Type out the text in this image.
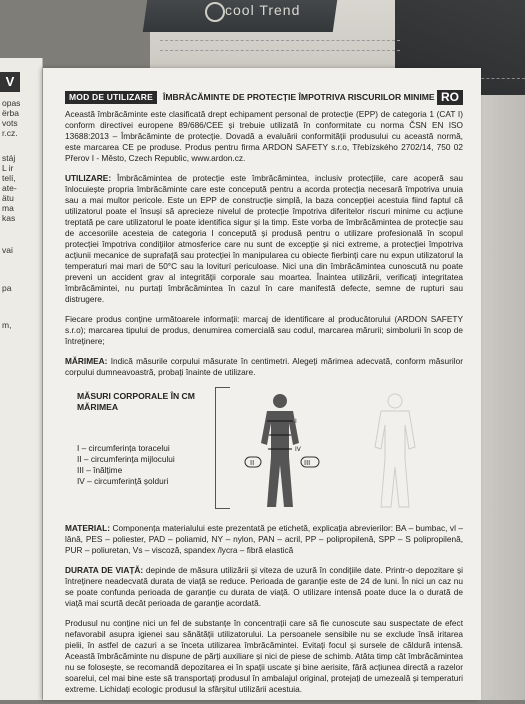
cool Trend
V
opas
ërba
vots
r.cz.
stáj
L ir
telí,
ate-
ätu
ma
kas
vai
pa
m,
MOD DE UTILIZARE	ÎMBRĂCĂMINTE DE PROTECȚIE ÎMPOTRIVA RISCURILOR MINIME RO

Această îmbrăcăminte este clasificată drept echipament personal de protecție (EPP) de categoria 1 (CAT I) conform directivei europene 89/686/CEE și trebuie utilizată în conformitate cu norma ČSN EN ISO 13688:2013 – Îmbrăcăminte de protecție. Dovadă a evaluării conformității produsului cu această normă, este marcarea CE pe produse. Produs pentru firma ARDON SAFETY s.r.o, Třebízského 2702/14, 750 02 Přerov I - Město, Czech Republic, www.ardon.cz.

UTILIZARE: Îmbrăcămintea de protecție este îmbrăcămintea, inclusiv protecțiile, care acoperă sau înlocuiește propria îmbrăcăminte care este concepută pentru a acorda protecția necesară împotriva unuia sau a mai multor pericole. Este un EPP de construcție simplă, la baza concepției acestuia fiind faptul că utilizatorul poate el însuși să aprecieze nivelul de protecție împotriva diferitelor riscuri minime cu acțiune treptată pe care utilizatorul le poate identifica sigur și la timp. Este vorba de îmbrăcămintea de protecție sau de accesoriile acesteia de categoria I concepută și produsă pentru o utilizare profesională în scopul protecției împotriva condițiilor atmosferice care nu sunt de excepție și nici extreme, a protecției împotriva acțiunii mecanice de suprafață sau protecției în manipularea cu obiecte fierbinți care nu expun utilizatorul la temperaturi mai mari de 50°C sau la loviturí periculoase. Nici una din îmbrăcămintea cunoscută nu poate preveni un accident grav al integrității corporale sau moartea. Înaintea utilizării, verificați integritatea îmbrăcămintei, nu purtați îmbrăcămintea în cazul în care manifestă defecte, semne de rupturi sau distrugere.

Fiecare produs conține următoarele informații: marcaj de identificare al producătorului (ARDON SAFETY s.r.o); marcarea tipului de produs, denumirea comercială sau codul, marcarea mărurii; simbolurii în scop de întreținere;

MĂRIMEA: Indică măsurile corpului măsurate în centimetri. Alegeți mărimea adecvată, conform măsurilor corpului dumneavoastră, probați înainte de utilizare.

MĂSURI CORPORALE ÎN CM MĂRIMEA
I – circumferința toracelui
II – circumferința mijlocului
III – înălțime
IV – circumferință șolduri
II	III
I
IV

MATERIAL: Componența materialului este prezentată pe etichetă, explicația abrevierilor: BA – bumbac, vl – lână, PES – poliester, PAD – poliamid, NY – nylon, PAN – acril, PP – polipropilenă, SPP – S polipropilenă, PUR – poliuretan, Vs – viscoză, spandex /lycra – fibră elastică

DURATA DE VIAȚĂ: depinde de măsura utilizării și viteza de uzură în condițiile date. Printr-o depozitare și întreținere neadecvată durata de viață se reduce. Perioada de garanție este de 24 de luni. În nici un caz nu se poate confunda perioada de garanție cu durata de viață. O utilizare intensă poate duce la o durată de viață mai scurtă decât perioada de garanție acordată.

Produsul nu conține nici un fel de substanțe în concentrații care să fie cunoscute sau suspectate de efect nefavorabil asupra igienei sau sănătății utilizatorului. La persoanele sensibile nu se exclude însă iritarea pielii, în astfel de cazuri a se înceta utilizarea îmbrăcămintei. Evitați focul și sursele de căldură intensă. Această îmbrăcăminte nu dispune de părți auxiliare și nici de piese de schimb. Atâta timp cât îmbrăcămintea nu se folosește, se recomandă depozitarea ei în spații uscate și bine aerisite, fără acțiunea directă a razelor soarelui, cel mai bine este să transportați produsul în ambalajul original, protejați de umezeală și temperaturi extreme. Lichidați ecologic produsul la sfârșitul utilizării acestuia.
